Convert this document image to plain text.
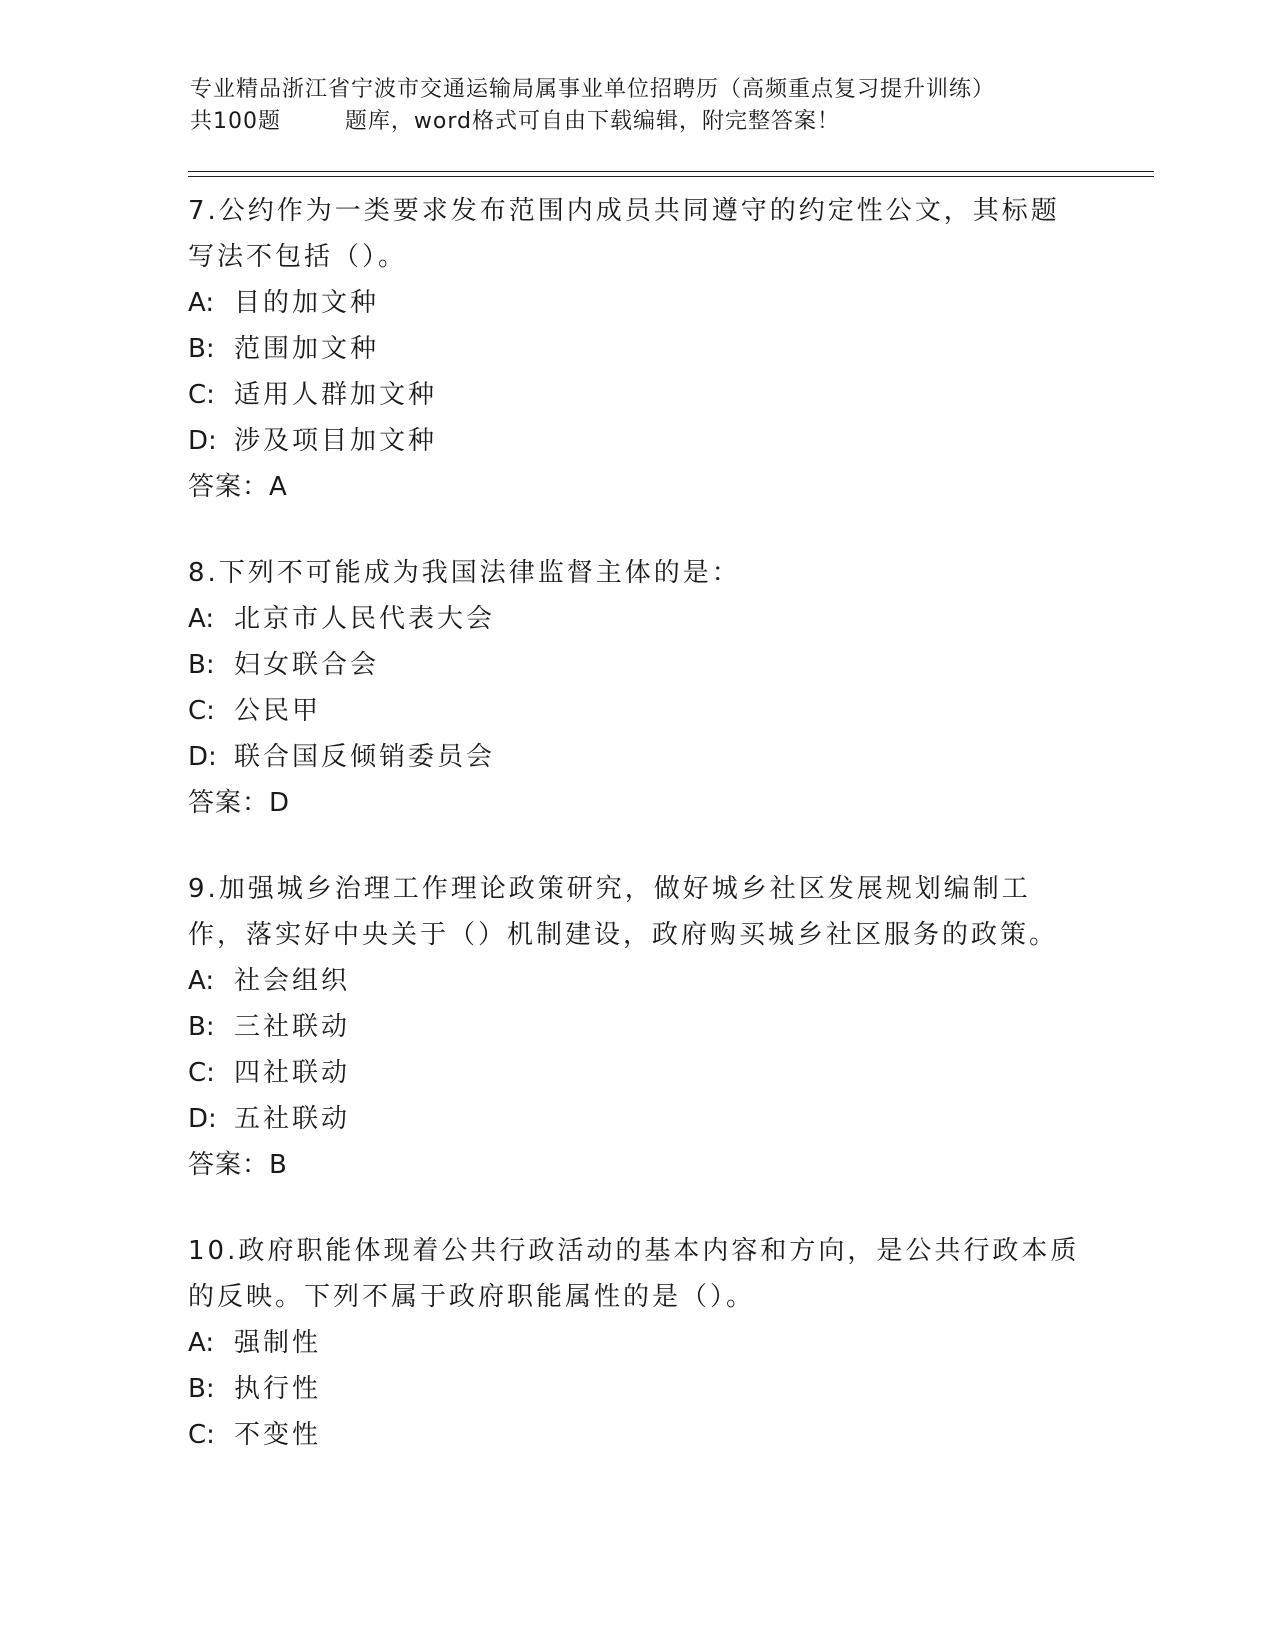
专业精品浙江省宁波市交通运输局属事业单位招聘历（高频重点复习提升训练）
共100题        题库，word格式可自由下载编辑，附完整答案！
7.公约作为一类要求发布范围内成员共同遵守的约定性公文，其标题写法不包括（）。
A: 目的加文种
B: 范围加文种
C: 适用人群加文种
D: 涉及项目加文种
答案：A
8.下列不可能成为我国法律监督主体的是：
A: 北京市人民代表大会
B: 妇女联合会
C: 公民甲
D: 联合国反倾销委员会
答案：D
9.加强城乡治理工作理论政策研究，做好城乡社区发展规划编制工作，落实好中央关于（）机制建设，政府购买城乡社区服务的政策。
A: 社会组织
B: 三社联动
C: 四社联动
D: 五社联动
答案：B
10.政府职能体现着公共行政活动的基本内容和方向，是公共行政本质的反映。下列不属于政府职能属性的是（）。
A: 强制性
B: 执行性
C: 不变性
